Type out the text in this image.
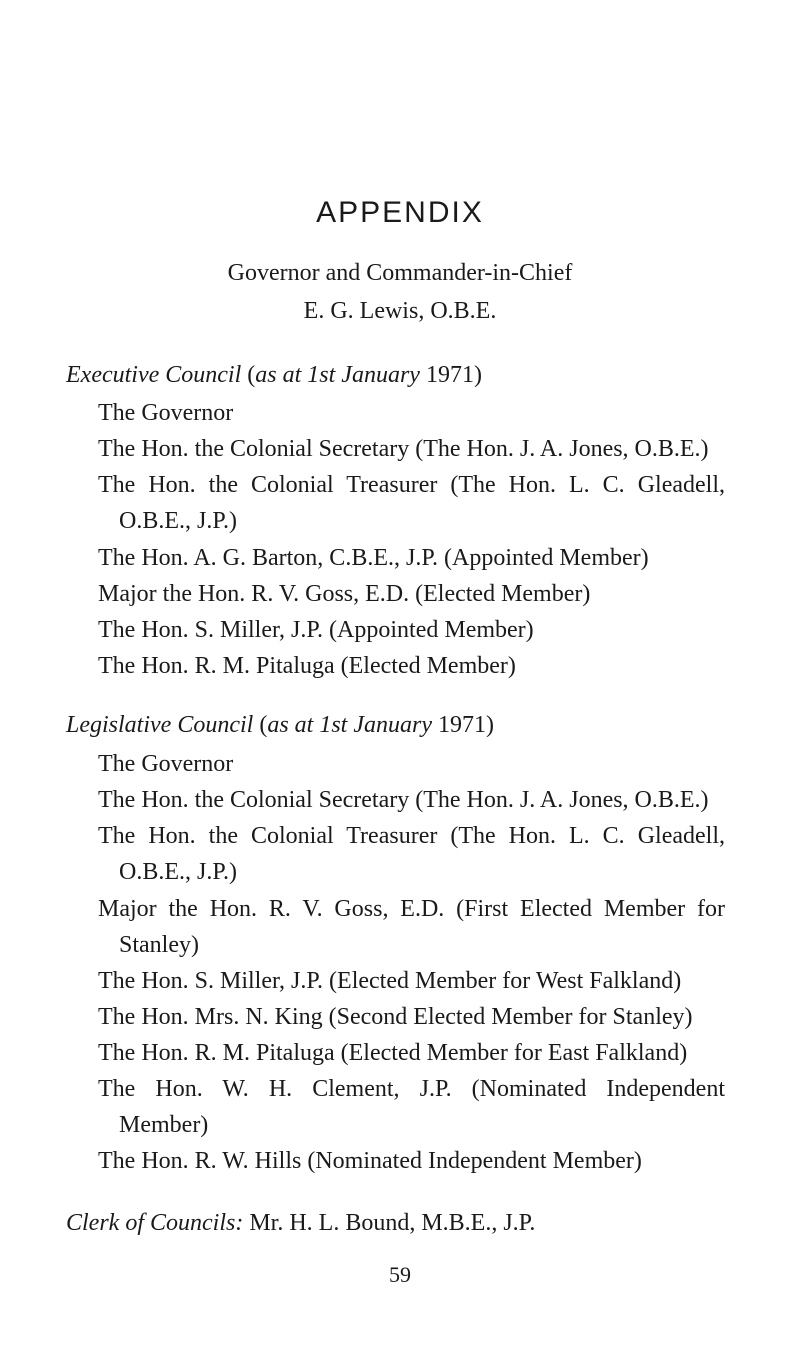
APPENDIX
Governor and Commander-in-Chief
E. G. Lewis, O.B.E.
Executive Council (as at 1st January 1971)
The Governor
The Hon. the Colonial Secretary (The Hon. J. A. Jones, O.B.E.)
The Hon. the Colonial Treasurer (The Hon. L. C. Gleadell,
O.B.E., J.P.)
The Hon. A. G. Barton, C.B.E., J.P. (Appointed Member)
Major the Hon. R. V. Goss, E.D. (Elected Member)
The Hon. S. Miller, J.P. (Appointed Member)
The Hon. R. M. Pitaluga (Elected Member)
Legislative Council (as at 1st January 1971)
The Governor
The Hon. the Colonial Secretary (The Hon. J. A. Jones, O.B.E.)
The Hon. the Colonial Treasurer (The Hon. L. C. Gleadell,
O.B.E., J.P.)
Major the Hon. R. V. Goss, E.D. (First Elected Member for
Stanley)
The Hon. S. Miller, J.P. (Elected Member for West Falkland)
The Hon. Mrs. N. King (Second Elected Member for Stanley)
The Hon. R. M. Pitaluga (Elected Member for East Falkland)
The Hon. W. H. Clement, J.P. (Nominated Independent
Member)
The Hon. R. W. Hills (Nominated Independent Member)
Clerk of Councils: Mr. H. L. Bound, M.B.E., J.P.
59
